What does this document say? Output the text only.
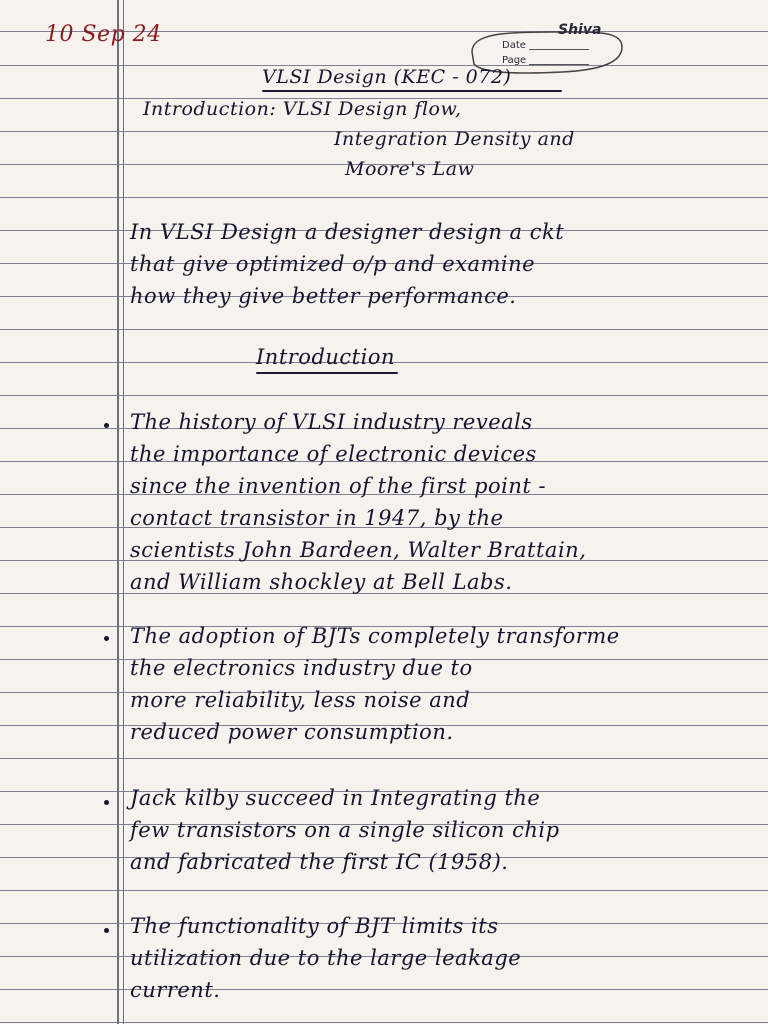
10 Sep 24	Shiva
Date
Page
VLSI Design (KEC - 072)
Introduction: VLSI Design flow,
Integration Density and
Moore's Law
In VLSI Design a designer design a ckt
that give optimized o/p and examine
how they give better performance.
Introduction
The history of VLSI industry reveals
the importance of electronic devices
since the invention of the first point -
contact transistor in 1947, by the
scientists John Bardeen, Walter Brattain,
and William shockley at Bell Labs.
The adoption of BJTs completely transforme
the electronics industry due to
more reliability, less noise and
reduced power consumption.
Jack kilby succeed in Integrating the
few transistors on a single silicon chip
and fabricated the first IC (1958).
The functionality of BJT limits its
utilization due to the large leakage
current.
